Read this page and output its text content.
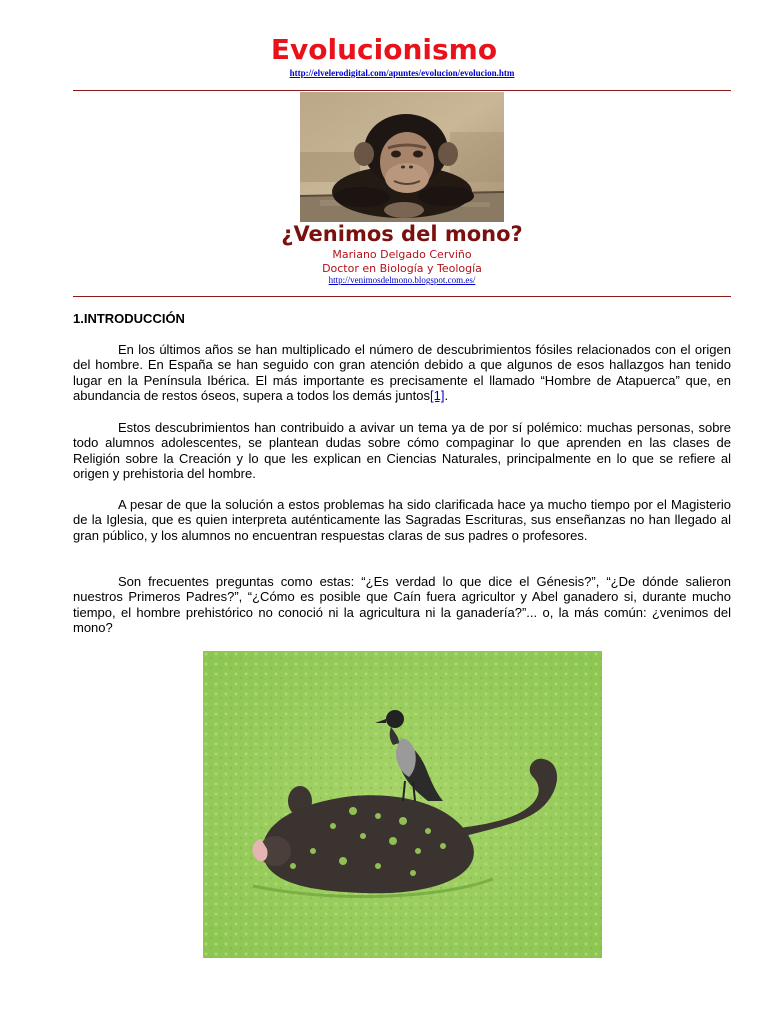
Evolucionismo
http://elvelerodigital.com/apuntes/evolucion/evolucion.htm
¿Venimos del mono?
Mariano Delgado Cerviño
Doctor en Biología y Teología
http://venimosdelmono.blogspot.com.es/
1.INTRODUCCIÓN

En los últimos años se han multiplicado el número de descubrimientos fósiles relacionados con el origen del hombre. En España se han seguido con gran atención debido a que algunos de esos hallazgos han tenido lugar en la Península Ibérica. El más importante es precisamente el llamado “Hombre de Atapuerca” que, en abundancia de restos óseos, supera a todos los demás juntos[1].

Estos descubrimientos han contribuido a avivar un tema ya de por sí polémico: muchas personas, sobre todo alumnos adolescentes, se plantean dudas sobre cómo compaginar lo que aprenden en las clases de Religión sobre la Creación y lo que les explican en Ciencias Naturales, principalmente en lo que se refiere al origen y prehistoria del hombre.

A pesar de que la solución a estos problemas ha sido clarificada hace ya mucho tiempo por el Magisterio de la Iglesia, que es quien interpreta auténticamente las Sagradas Escrituras, sus enseñanzas no han llegado al gran público, y los alumnos no encuentran respuestas claras de sus padres o profesores.

Son frecuentes preguntas como estas: “¿Es verdad lo que dice el Génesis?”, “¿De dónde salieron nuestros Primeros Padres?”, “¿Cómo es posible que Caín fuera agricultor y Abel ganadero si, durante mucho tiempo, el hombre prehistórico no conoció ni la agricultura ni la ganadería?”... o, la más común: ¿venimos del mono?
